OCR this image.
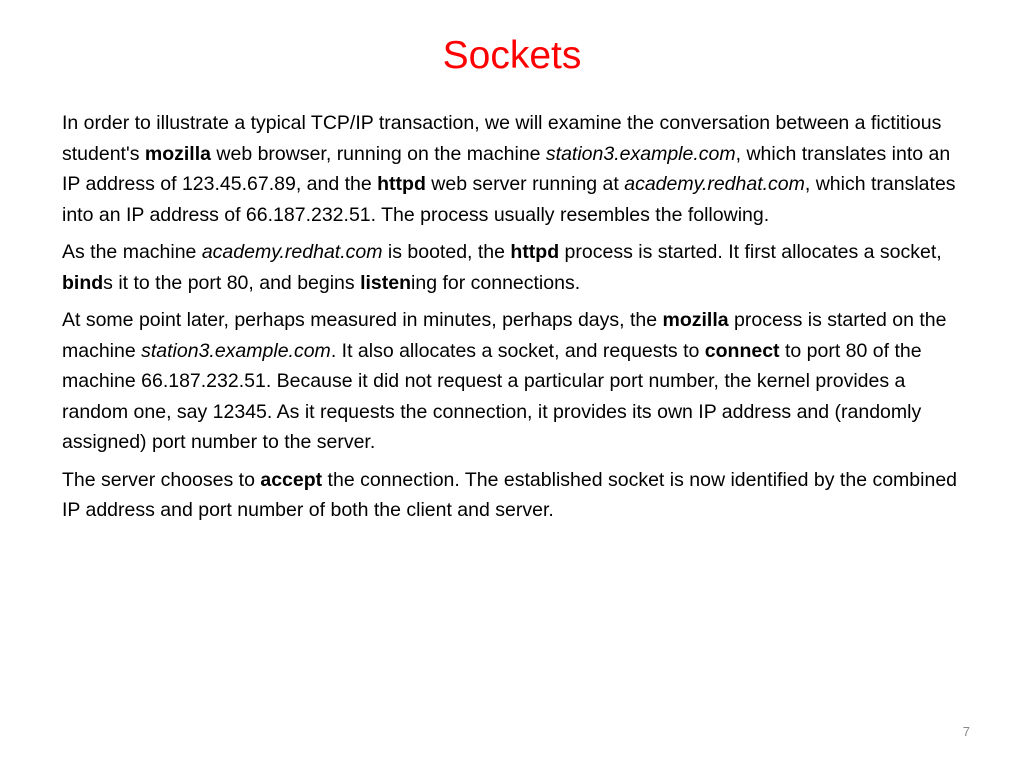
Sockets

In order to illustrate a typical TCP/IP transaction, we will examine the conversation between a fictitious student's mozilla web browser, running on the machine station3.example.com, which translates into an IP address of 123.45.67.89, and the httpd web server running at academy.redhat.com, which translates into an IP address of 66.187.232.51. The process usually resembles the following.

As the machine academy.redhat.com is booted, the httpd process is started. It first allocates a socket, binds it to the port 80, and begins listening for connections.

At some point later, perhaps measured in minutes, perhaps days, the mozilla process is started on the machine station3.example.com. It also allocates a socket, and requests to connect to port 80 of the machine 66.187.232.51. Because it did not request a particular port number, the kernel provides a random one, say 12345. As it requests the connection, it provides its own IP address and (randomly assigned) port number to the server.

The server chooses to accept the connection. The established socket is now identified by the combined IP address and port number of both the client and server.

7
